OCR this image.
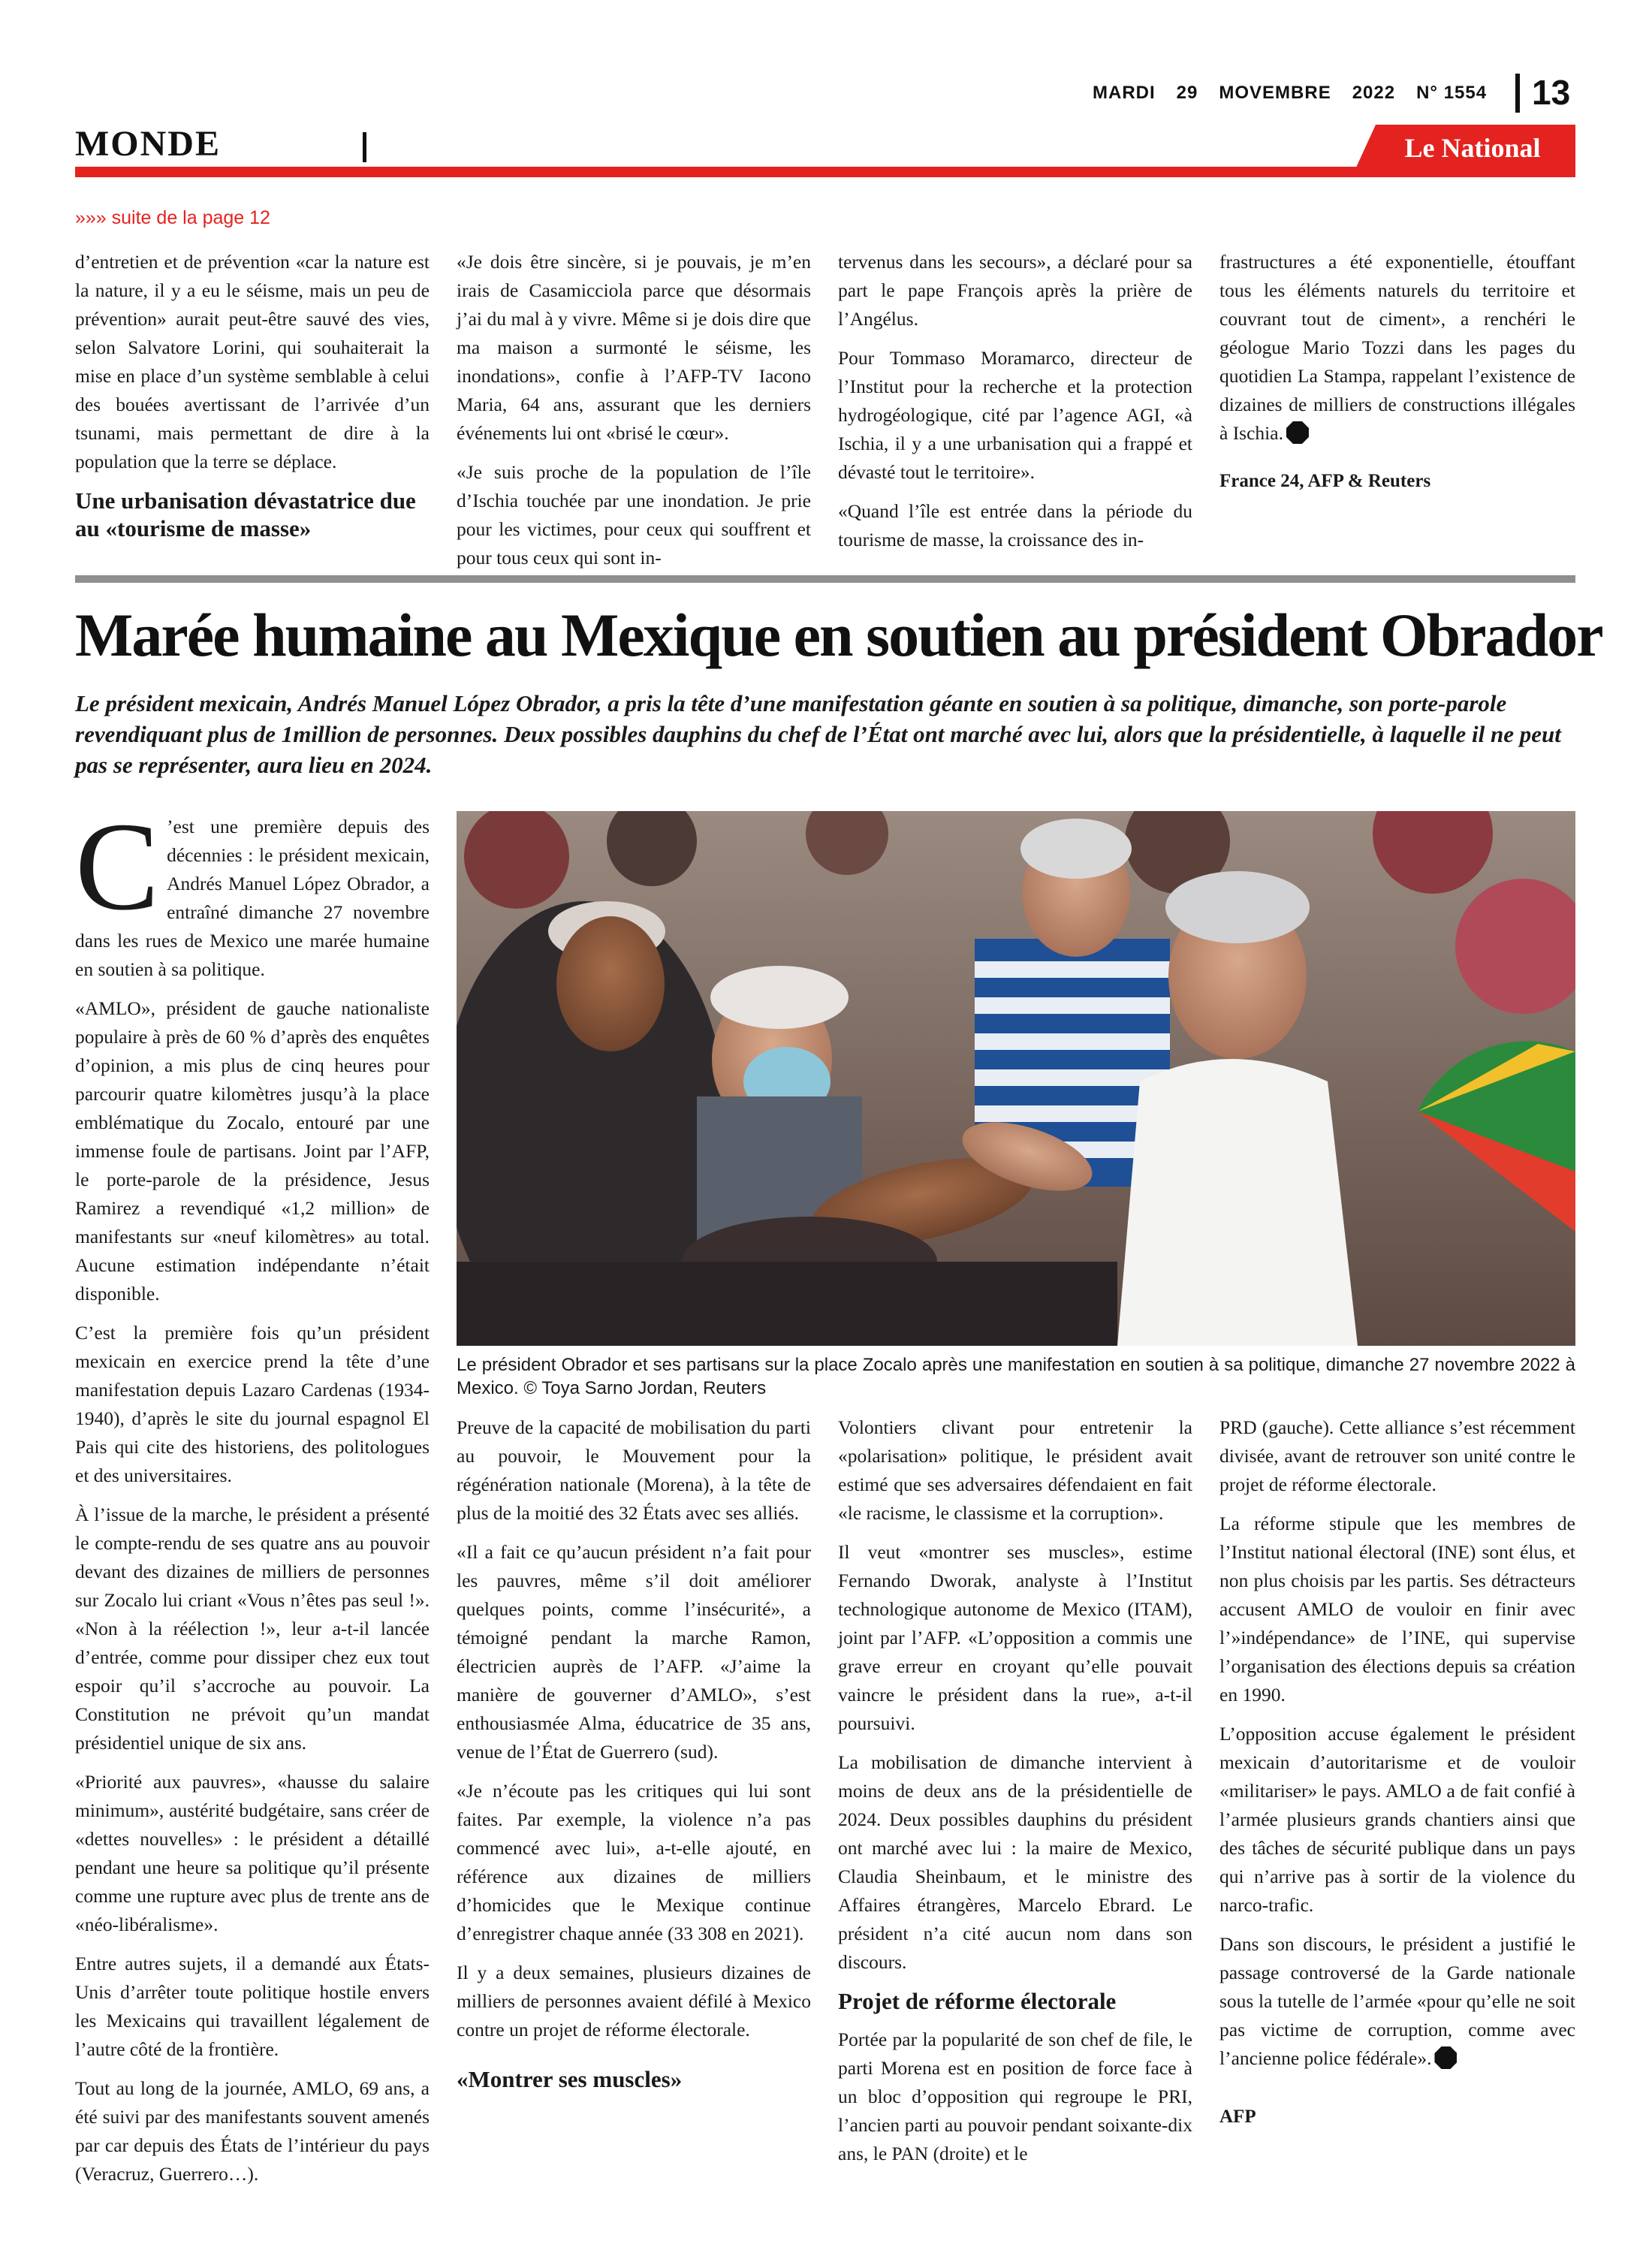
MARDI 29 MOVEMBRE 2022 N° 1554 13
MONDE	Le National
»»» suite de la page 12

d’entretien et de prévention «car la nature est la nature, il y a eu le séisme, mais un peu de prévention» aurait peut-être sauvé des vies, selon Salvatore Lorini, qui souhaiterait la mise en place d’un système semblable à celui des bouées avertissant de l’arrivée d’un tsunami, mais permettant de dire à la population que la terre se déplace.

Une urbanisation dévastatrice due au «tourisme de masse»

«Je dois être sincère, si je pouvais, je m’en irais de Casamicciola parce que désormais j’ai du mal à y vivre. Même si je dois dire que ma maison a surmonté le séisme, les inondations», confie à l’AFP-TV Iacono Maria, 64 ans, assurant que les derniers événements lui ont «brisé le cœur».

«Je suis proche de la population de l’île d’Ischia touchée par une inondation. Je prie pour les victimes, pour ceux qui souffrent et pour tous ceux qui sont in-

tervenus dans les secours», a déclaré pour sa part le pape François après la prière de l’Angélus.

Pour Tommaso Moramarco, directeur de l’Institut pour la recherche et la protection hydrogéologique, cité par l’agence AGI, «à Ischia, il y a une urbanisation qui a frappé et dévasté tout le territoire».

«Quand l’île est entrée dans la période du tourisme de masse, la croissance des in-

frastructures a été exponentielle, étouffant tous les éléments naturels du territoire et couvrant tout de ciment», a renchéri le géologue Mario Tozzi dans les pages du quotidien La Stampa, rappelant l’existence de dizaines de milliers de constructions illégales à Ischia.

France 24, AFP & Reuters
Marée humaine au Mexique en soutien au président Obrador

Le président mexicain, Andrés Manuel López Obrador, a pris la tête d’une manifestation géante en soutien à sa politique, dimanche, son porte-parole revendiquant plus de 1million de personnes. Deux possibles dauphins du chef de l’État ont marché avec lui, alors que la présidentielle, à laquelle il ne peut pas se représenter, aura lieu en 2024.

C ’est une première depuis des décennies : le président mexicain, Andrés Manuel López Obrador, a entraîné dimanche 27 novembre dans les rues de Mexico une marée humaine en soutien à sa politique.

«AMLO», président de gauche nationaliste populaire à près de 60 % d’après des enquêtes d’opinion, a mis plus de cinq heures pour parcourir quatre kilomètres jusqu’à la place emblématique du Zocalo, entouré par une immense foule de partisans. Joint par l’AFP, le porte-parole de la présidence, Jesus Ramirez a revendiqué «1,2 million» de manifestants sur «neuf kilomètres» au total. Aucune estimation indépendante n’était disponible.

C’est la première fois qu’un président mexicain en exercice prend la tête d’une manifestation depuis Lazaro Cardenas (1934-1940), d’après le site du journal espagnol El Pais qui cite des historiens, des politologues et des universitaires.

À l’issue de la marche, le président a présenté le compte-rendu de ses quatre ans au pouvoir devant des dizaines de milliers de personnes sur Zocalo lui criant «Vous n’êtes pas seul !». «Non à la réélection !», leur a-t-il lancée d’entrée, comme pour dissiper chez eux tout espoir qu’il s’accroche au pouvoir. La Constitution ne prévoit qu’un mandat présidentiel unique de six ans.

«Priorité aux pauvres», «hausse du salaire minimum», austérité budgétaire, sans créer de «dettes nouvelles» : le président a détaillé pendant une heure sa politique qu’il présente comme une rupture avec plus de trente ans de «néo-libéralisme».

Entre autres sujets, il a demandé aux États-Unis d’arrêter toute politique hostile envers les Mexicains qui travaillent légalement de l’autre côté de la frontière.

Tout au long de la journée, AMLO, 69 ans, a été suivi par des manifestants souvent amenés par car depuis des États de l’intérieur du pays (Veracruz, Guerrero…).

Le président Obrador et ses partisans sur la place Zocalo après une manifestation en soutien à sa politique, dimanche 27 novembre 2022 à Mexico. © Toya Sarno Jordan, Reuters

Preuve de la capacité de mobilisation du parti au pouvoir, le Mouvement pour la régénération nationale (Morena), à la tête de plus de la moitié des 32 États avec ses alliés.

«Il a fait ce qu’aucun président n’a fait pour les pauvres, même s’il doit améliorer quelques points, comme l’insécurité», a témoigné pendant la marche Ramon, électricien auprès de l’AFP. «J’aime la manière de gouverner d’AMLO», s’est enthousiasmée Alma, éducatrice de 35 ans, venue de l’État de Guerrero (sud).

«Je n’écoute pas les critiques qui lui sont faites. Par exemple, la violence n’a pas commencé avec lui», a-t-elle ajouté, en référence aux dizaines de milliers d’homicides que le Mexique continue d’enregistrer chaque année (33 308 en 2021).

Il y a deux semaines, plusieurs dizaines de milliers de personnes avaient défilé à Mexico contre un projet de réforme électorale.

«Montrer ses muscles»

Volontiers clivant pour entretenir la «polarisation» politique, le président avait estimé que ses adversaires défendaient en fait «le racisme, le classisme et la corruption».

Il veut «montrer ses muscles», estime Fernando Dworak, analyste à l’Institut technologique autonome de Mexico (ITAM), joint par l’AFP. «L’opposition a commis une grave erreur en croyant qu’elle pouvait vaincre le président dans la rue», a-t-il poursuivi.

La mobilisation de dimanche intervient à moins de deux ans de la présidentielle de 2024. Deux possibles dauphins du président ont marché avec lui : la maire de Mexico, Claudia Sheinbaum, et le ministre des Affaires étrangères, Marcelo Ebrard. Le président n’a cité aucun nom dans son discours.

Projet de réforme électorale

Portée par la popularité de son chef de file, le parti Morena est en position de force face à un bloc d’opposition qui regroupe le PRI, l’ancien parti au pouvoir pendant soixante-dix ans, le PAN (droite) et le

PRD (gauche). Cette alliance s’est récemment divisée, avant de retrouver son unité contre le projet de réforme électorale.

La réforme stipule que les membres de l’Institut national électoral (INE) sont élus, et non plus choisis par les partis. Ses détracteurs accusent AMLO de vouloir en finir avec l’»indépendance» de l’INE, qui supervise l’organisation des élections depuis sa création en 1990.

L’opposition accuse également le président mexicain d’autoritarisme et de vouloir «militariser» le pays. AMLO a de fait confié à l’armée plusieurs grands chantiers ainsi que des tâches de sécurité publique dans un pays qui n’arrive pas à sortir de la violence du narco-trafic.

Dans son discours, le président a justifié le passage controversé de la Garde nationale sous la tutelle de l’armée «pour qu’elle ne soit pas victime de corruption, comme avec l’ancienne police fédérale».

AFP
